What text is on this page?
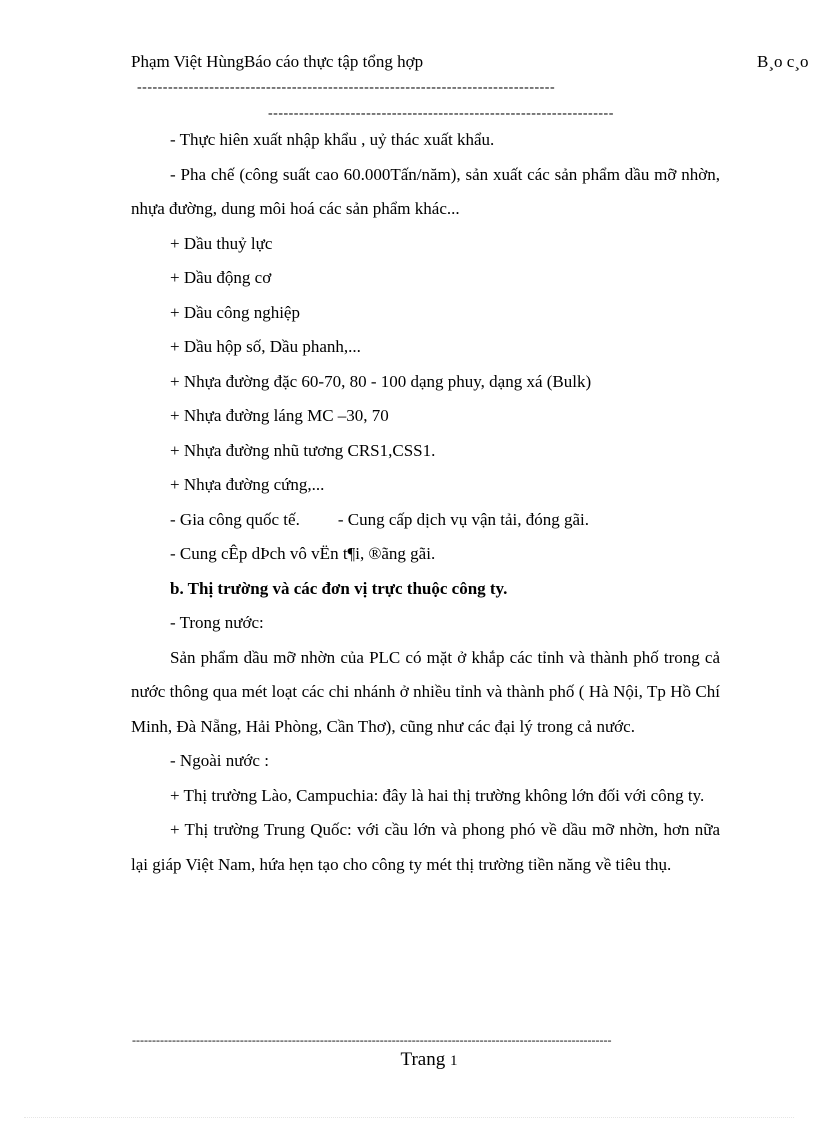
Phạm Việt HùngBáo cáo thực tập tổng hợp	B¸o c¸o
---------------------------------------------------------------------------------
-------------------------------------------------------------------

- Thực hiên xuất nhập khẩu , uỷ thác xuất khẩu.

- Pha chế (công suất cao 60.000Tấn/năm), sản xuất các sản phẩm dầu mỡ nhờn, nhựa đường, dung môi hoá các sản phẩm khác...

+ Dầu thuỷ lực

+ Dầu động cơ

+ Dầu công nghiệp

+ Dầu hộp số, Dầu phanh,...

+ Nhựa đường đặc 60-70, 80 - 100 dạng phuy, dạng xá (Bulk)

+ Nhựa đường láng MC –30, 70

+ Nhựa đường nhũ tương CRS1,CSS1.

+ Nhựa đường cứng,...

- Gia công quốc tế. - Cung cấp dịch vụ vận tải, đóng gãi.

- Cung cÊp dÞch vô vËn t¶i, ®ãng gãi.

b. Thị trường và các đơn vị trực thuộc công ty.

- Trong nước:

Sản phẩm dầu mỡ nhờn của PLC có mặt ở khắp các tỉnh và thành phố trong cả nước thông qua mét loạt các chi nhánh ở nhiều tỉnh và thành phố ( Hà Nội, Tp Hồ Chí Minh, Đà Nẵng, Hải Phòng, Cần Thơ), cũng như các đại lý trong cả nước.

- Ngoài nước :

+ Thị trường Lào, Campuchia: đây là hai thị trường không lớn đối với công ty.

+ Thị trường Trung Quốc: với cầu lớn và phong phó về dầu mỡ nhờn, hơn nữa lại giáp Việt Nam, hứa hẹn tạo cho công ty mét thị trường tiền năng về tiêu thụ.

------------------------------------------------------------------------------------------------------------------------
Trang 1
